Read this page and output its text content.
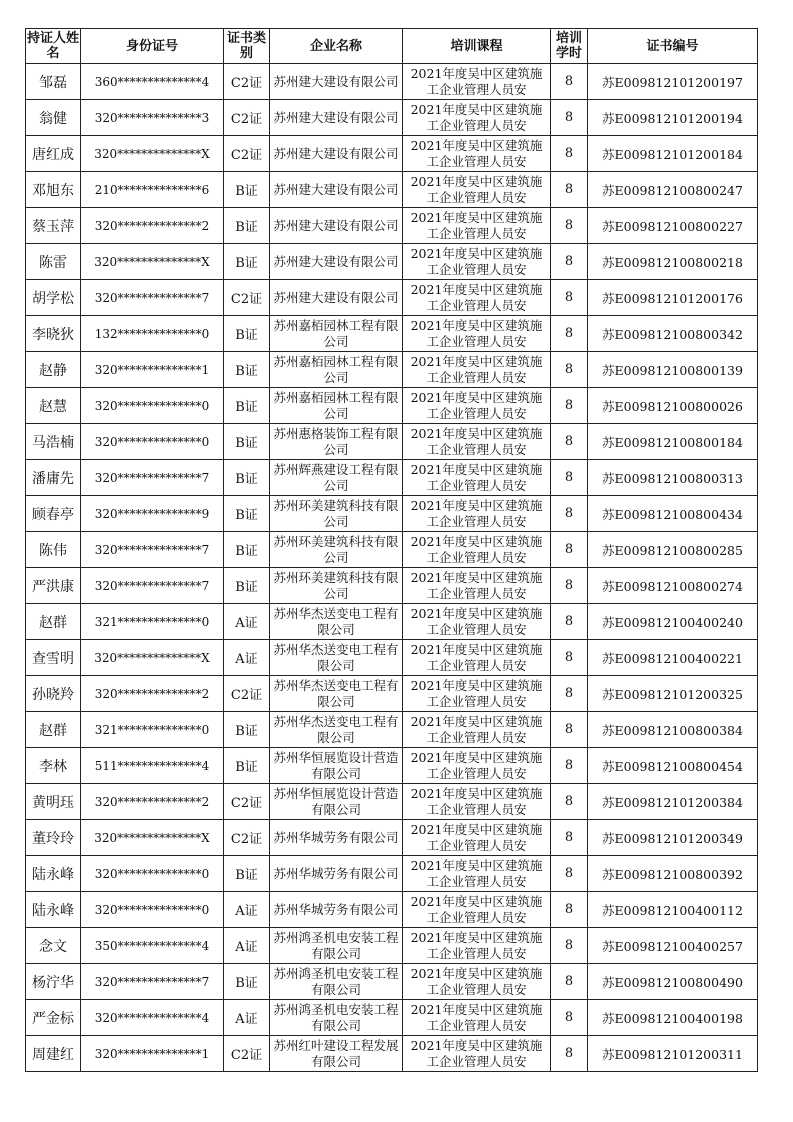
持证人姓名	身份证号	证书类别	企业名称	培训课程	培训学时	证书编号
邹磊	360**************4	C2证	苏州建大建设有限公司	2021年度吴中区建筑施工企业管理人员安	8	苏E009812101200197
翁健	320**************3	C2证	苏州建大建设有限公司	2021年度吴中区建筑施工企业管理人员安	8	苏E009812101200194
唐红成	320**************X	C2证	苏州建大建设有限公司	2021年度吴中区建筑施工企业管理人员安	8	苏E009812101200184
邓旭东	210**************6	B证	苏州建大建设有限公司	2021年度吴中区建筑施工企业管理人员安	8	苏E009812100800247
蔡玉萍	320**************2	B证	苏州建大建设有限公司	2021年度吴中区建筑施工企业管理人员安	8	苏E009812100800227
陈雷	320**************X	B证	苏州建大建设有限公司	2021年度吴中区建筑施工企业管理人员安	8	苏E009812100800218
胡学松	320**************7	C2证	苏州建大建设有限公司	2021年度吴中区建筑施工企业管理人员安	8	苏E009812101200176
李晓狄	132**************0	B证	苏州嘉栢园林工程有限公司	2021年度吴中区建筑施工企业管理人员安	8	苏E009812100800342
赵静	320**************1	B证	苏州嘉栢园林工程有限公司	2021年度吴中区建筑施工企业管理人员安	8	苏E009812100800139
赵慧	320**************0	B证	苏州嘉栢园林工程有限公司	2021年度吴中区建筑施工企业管理人员安	8	苏E009812100800026
马浩楠	320**************0	B证	苏州惠格装饰工程有限公司	2021年度吴中区建筑施工企业管理人员安	8	苏E009812100800184
潘庸先	320**************7	B证	苏州辉燕建设工程有限公司	2021年度吴中区建筑施工企业管理人员安	8	苏E009812100800313
顾春亭	320**************9	B证	苏州环美建筑科技有限公司	2021年度吴中区建筑施工企业管理人员安	8	苏E009812100800434
陈伟	320**************7	B证	苏州环美建筑科技有限公司	2021年度吴中区建筑施工企业管理人员安	8	苏E009812100800285
严洪康	320**************7	B证	苏州环美建筑科技有限公司	2021年度吴中区建筑施工企业管理人员安	8	苏E009812100800274
赵群	321**************0	A证	苏州华杰送变电工程有限公司	2021年度吴中区建筑施工企业管理人员安	8	苏E009812100400240
查雪明	320**************X	A证	苏州华杰送变电工程有限公司	2021年度吴中区建筑施工企业管理人员安	8	苏E009812100400221
孙晓羚	320**************2	C2证	苏州华杰送变电工程有限公司	2021年度吴中区建筑施工企业管理人员安	8	苏E009812101200325
赵群	321**************0	B证	苏州华杰送变电工程有限公司	2021年度吴中区建筑施工企业管理人员安	8	苏E009812100800384
李林	511**************4	B证	苏州华恒展览设计营造有限公司	2021年度吴中区建筑施工企业管理人员安	8	苏E009812100800454
黄明珏	320**************2	C2证	苏州华恒展览设计营造有限公司	2021年度吴中区建筑施工企业管理人员安	8	苏E009812101200384
董玲玲	320**************X	C2证	苏州华城劳务有限公司	2021年度吴中区建筑施工企业管理人员安	8	苏E009812101200349
陆永峰	320**************0	B证	苏州华城劳务有限公司	2021年度吴中区建筑施工企业管理人员安	8	苏E009812100800392
陆永峰	320**************0	A证	苏州华城劳务有限公司	2021年度吴中区建筑施工企业管理人员安	8	苏E009812100400112
念文	350**************4	A证	苏州鸿圣机电安装工程有限公司	2021年度吴中区建筑施工企业管理人员安	8	苏E009812100400257
杨泞华	320**************7	B证	苏州鸿圣机电安装工程有限公司	2021年度吴中区建筑施工企业管理人员安	8	苏E009812100800490
严金标	320**************4	A证	苏州鸿圣机电安装工程有限公司	2021年度吴中区建筑施工企业管理人员安	8	苏E009812100400198
周建红	320**************1	C2证	苏州红叶建设工程发展有限公司	2021年度吴中区建筑施工企业管理人员安	8	苏E009812101200311
